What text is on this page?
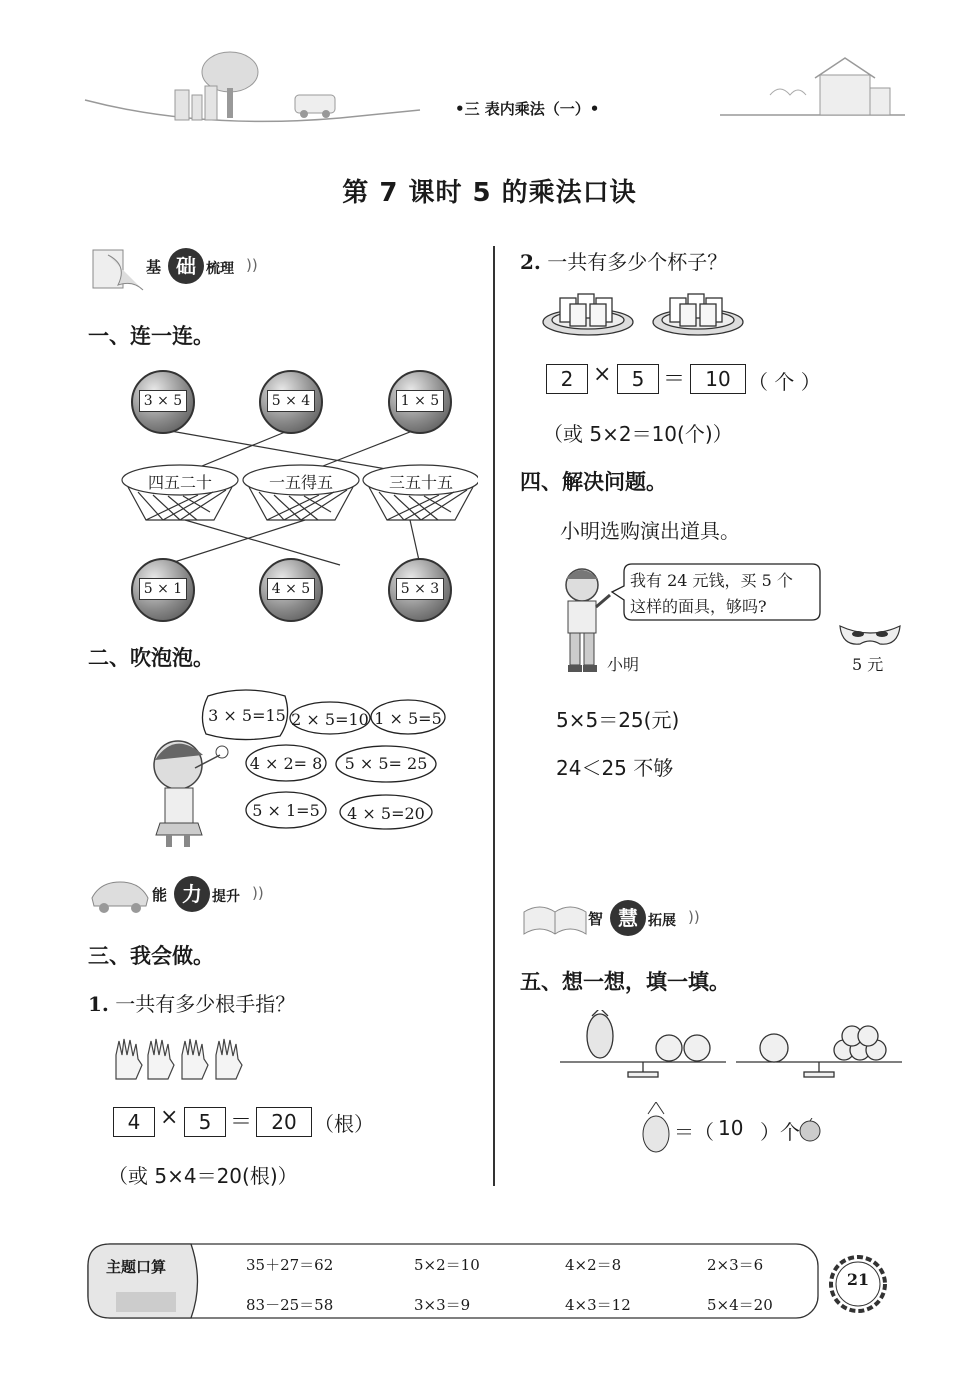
•三 表内乘法（一）•
第 7 课时 5 的乘法口诀
基 础 梳理 ))
一、连一连。
3 × 5	5 × 4	1 × 5
四五二十	一五得五	三五十五
5 × 1	4 × 5	5 × 3
二、吹泡泡。
3 × 5=15 2 × 5=10 1 × 5=5
4 × 2= 8	5 × 5= 25
5 × 1=5	4 × 5=20
能 力 提升 ))
三、我会做。
1. 一共有多少根手指？
4 ×	5 ＝ 20 （根）
（或 5×4＝20(根)）
2. 一共有多少个杯子？
2 ×	5 ＝	10 （ 个 ）
（或 5×2＝10(个)）
四、解决问题。
小明选购演出道具。
小明
我有 24 元钱，买 5 个
这样的面具，够吗?
5 元
5×5＝25(元)
24＜25 不够
智 慧 拓展 ))
五、想一想，填一填。
＝（ 10 ）个
主题口算	35＋27＝62	5×2＝10	4×2＝8	2×3＝6
83－25＝58	3×3＝9	4×3＝12	5×4＝20
21
